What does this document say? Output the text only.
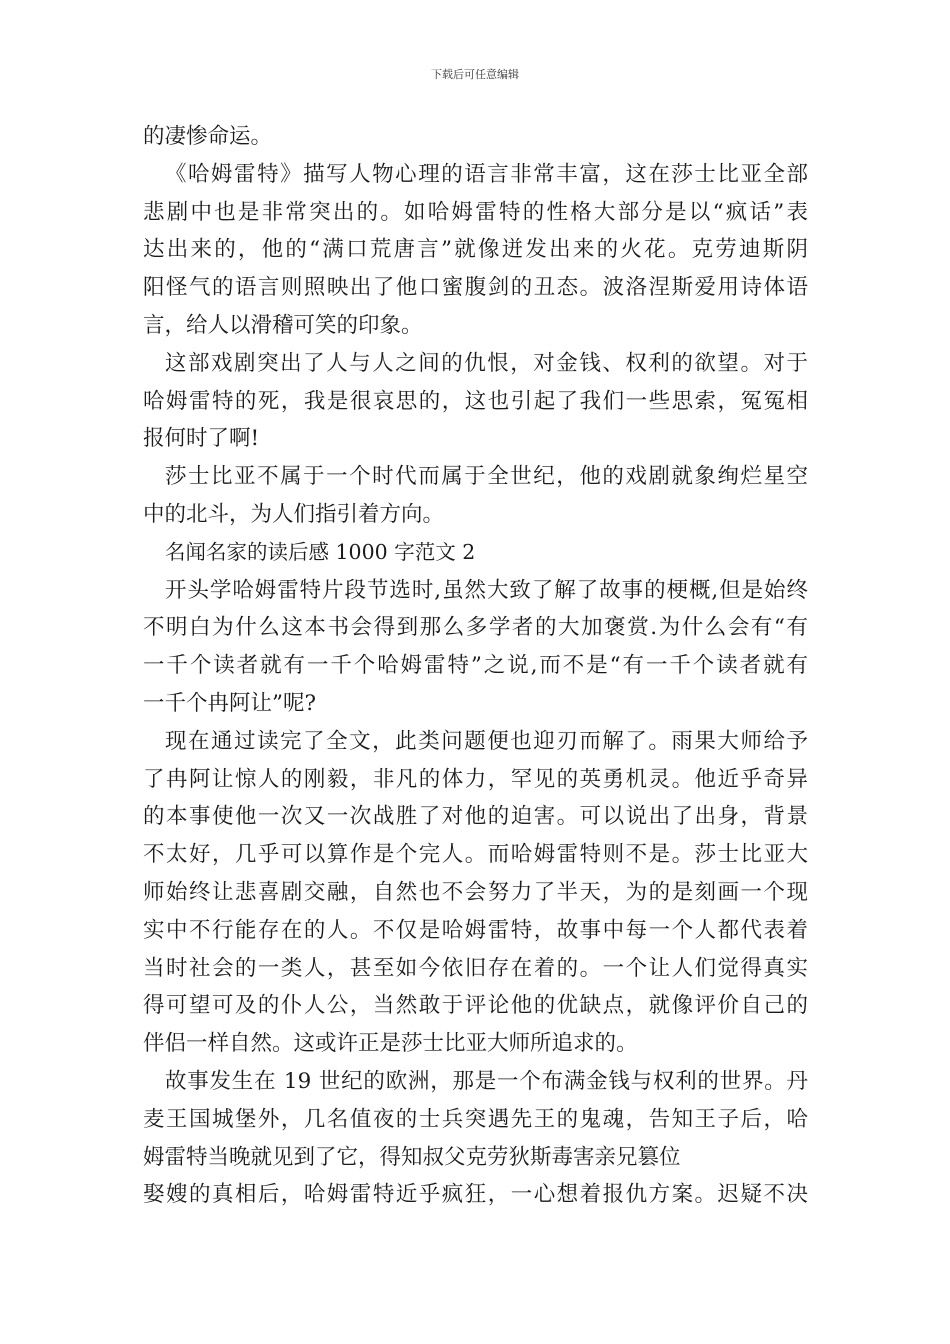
下载后可任意编辑
的凄惨命运。
《哈姆雷特》描写人物心理的语言非常丰富，这在莎士比亚全部
悲剧中也是非常突出的。如哈姆雷特的性格大部分是以“疯话”表
达出来的，他的“满口荒唐言”就像迸发出来的火花。克劳迪斯阴
阳怪气的语言则照映出了他口蜜腹剑的丑态。波洛涅斯爱用诗体语
言，给人以滑稽可笑的印象。
这部戏剧突出了人与人之间的仇恨，对金钱、权利的欲望。对于
哈姆雷特的死，我是很哀思的，这也引起了我们一些思索，冤冤相
报何时了啊!
莎士比亚不属于一个时代而属于全世纪，他的戏剧就象绚烂星空
中的北斗，为人们指引着方向。
名闻名家的读后感 1000 字范文 2
开头学哈姆雷特片段节选时,虽然大致了解了故事的梗概,但是始终
不明白为什么这本书会得到那么多学者的大加褒赏.为什么会有“有
一千个读者就有一千个哈姆雷特”之说,而不是“有一千个读者就有
一千个冉阿让”呢?
现在通过读完了全文，此类问题便也迎刃而解了。雨果大师给予
了冉阿让惊人的刚毅，非凡的体力，罕见的英勇机灵。他近乎奇异
的本事使他一次又一次战胜了对他的迫害。可以说出了出身，背景
不太好，几乎可以算作是个完人。而哈姆雷特则不是。莎士比亚大
师始终让悲喜剧交融，自然也不会努力了半天，为的是刻画一个现
实中不行能存在的人。不仅是哈姆雷特，故事中每一个人都代表着
当时社会的一类人，甚至如今依旧存在着的。一个让人们觉得真实
得可望可及的仆人公，当然敢于评论他的优缺点，就像评价自己的
伴侣一样自然。这或许正是莎士比亚大师所追求的。
故事发生在 19 世纪的欧洲，那是一个布满金钱与权利的世界。丹
麦王国城堡外，几名值夜的士兵突遇先王的鬼魂，告知王子后，哈
姆雷特当晚就见到了它，得知叔父克劳狄斯毒害亲兄篡位
娶嫂的真相后，哈姆雷特近乎疯狂，一心想着报仇方案。迟疑不决
